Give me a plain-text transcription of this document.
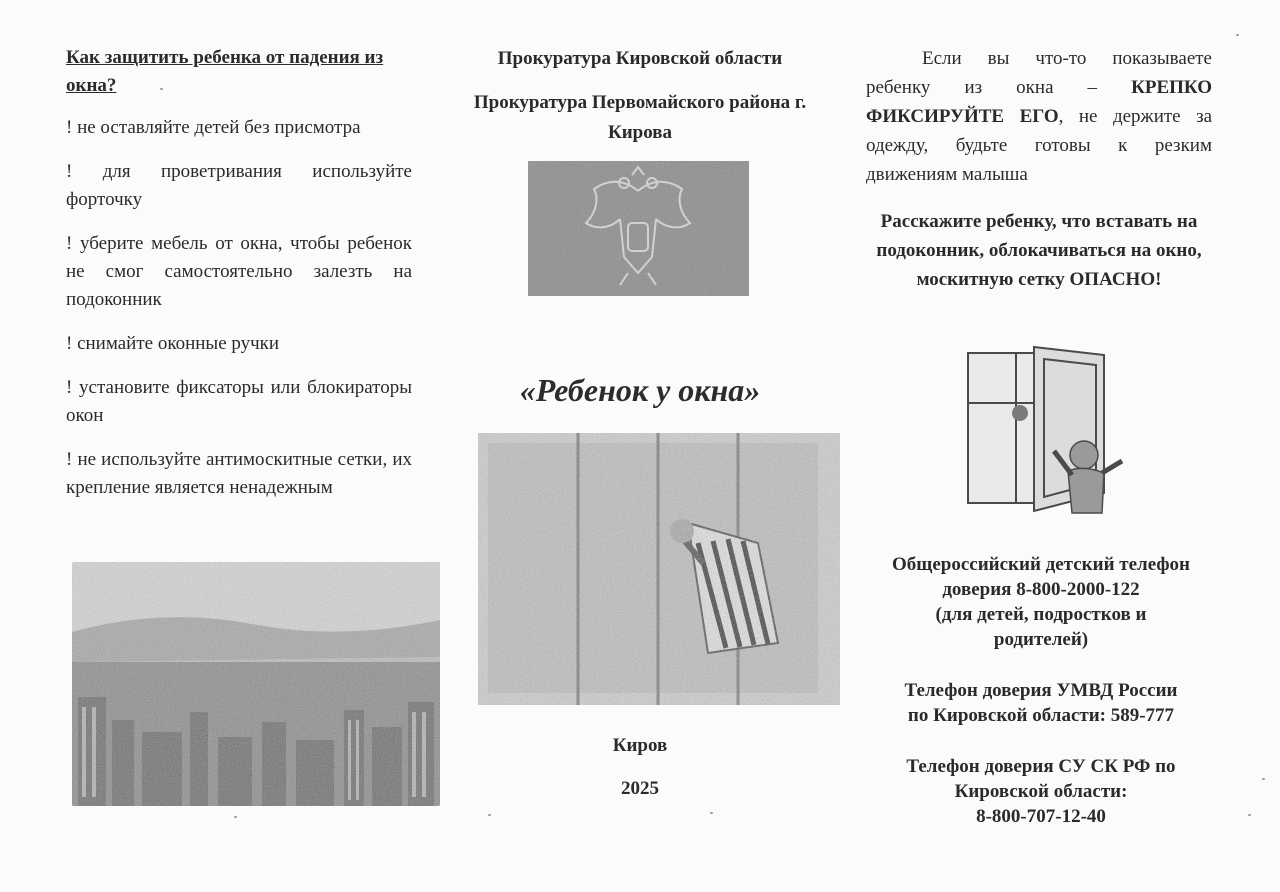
Как защитить ребенка от падения из окна?

! не оставляйте детей без присмотра

! для проветривания используйте форточку

! уберите мебель от окна, чтобы ребенок не смог самостоятельно залезть на подоконник

! снимайте оконные ручки

! установите фиксаторы или блокираторы окон

! не используйте антимоскитные сетки, их крепление является ненадежным

Прокуратура Кировской области

Прокуратура Первомайского района г. Кирова

«Ребенок у окна»
Киров
2025

Если вы что-то показываете ребенку из окна – КРЕПКО ФИКСИРУЙТЕ ЕГО, не держите за одежду, будьте готовы к резким движениям малыша

Расскажите ребенку, что вставать на подоконник, облокачиваться на окно, москитную сетку ОПАСНО!

Общероссийский детский телефон

доверия 8-800-2000-122

(для детей, подростков и

родителей)

Телефон доверия УМВД России

по Кировской области: 589-777

Телефон доверия СУ СК РФ по

Кировской области:

8-800-707-12-40
